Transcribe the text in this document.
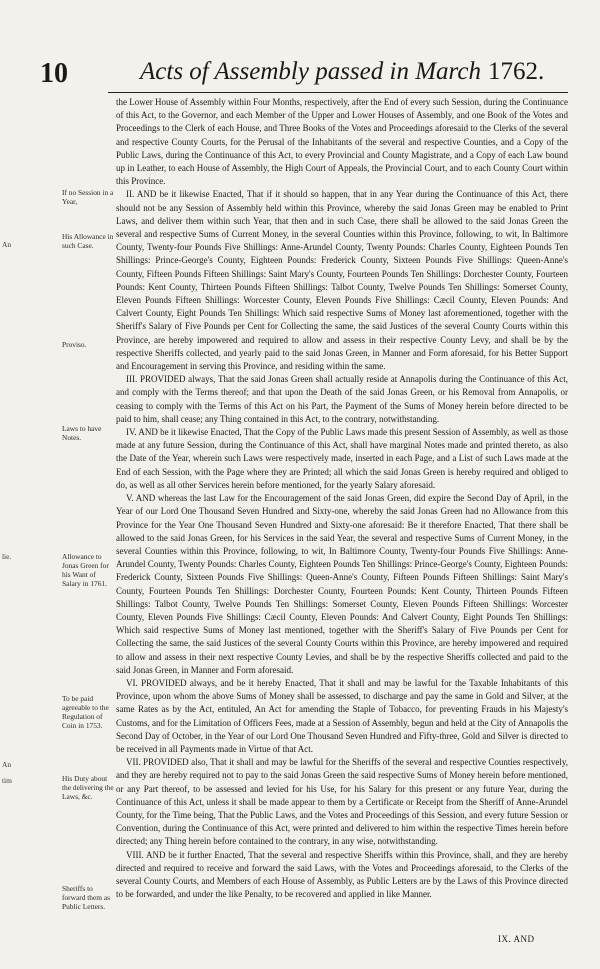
10	Acts of Assembly passed in March 1762.
An
lie.
An
tim
If no Session in a Year,
His Allowance in such Case.
Proviso.
Laws to have Notes.
Allowance to Jonas Green for his Want of Salary in 1761.
To be paid agreeable to the Regulation of Coin in 1753.
His Duty about the delivering the Laws, &c.
Sheriffs to forward them as Public Letters.

the Lower House of Assembly within Four Months, respectively, after the End of every such Session, during the Continuance of this Act, to the Governor, and each Member of the Upper and Lower Houses of Assembly, and one Book of the Votes and Proceedings to the Clerk of each House, and Three Books of the Votes and Proceedings aforesaid to the Clerks of the several and respective County Courts, for the Perusal of the Inhabitants of the several and respective Counties, and a Copy of the Public Laws, during the Continuance of this Act, to every Provincial and County Magistrate, and a Copy of each Law bound up in Leather, to each House of Assembly, the High Court of Appeals, the Provincial Court, and to each County Court within this Province.

II. AND be it likewise Enacted, That if it should so happen, that in any Year during the Continuance of this Act, there should not be any Session of Assembly held within this Province, whereby the said Jonas Green may be enabled to Print Laws, and deliver them within such Year, that then and in such Case, there shall be allowed to the said Jonas Green the several and respective Sums of Current Money, in the several Counties within this Province, following, to wit, In Baltimore County, Twenty-four Pounds Five Shillings: Anne-Arundel County, Twenty Pounds: Charles County, Eighteen Pounds Ten Shillings: Prince-George's County, Eighteen Pounds: Frederick County, Sixteen Pounds Five Shillings: Queen-Anne's County, Fifteen Pounds Fifteen Shillings: Saint Mary's County, Fourteen Pounds Ten Shillings: Dorchester County, Fourteen Pounds: Kent County, Thirteen Pounds Fifteen Shillings: Talbot County, Twelve Pounds Ten Shillings: Somerset County, Eleven Pounds Fifteen Shillings: Worcester County, Eleven Pounds Five Shillings: Cæcil County, Eleven Pounds: And Calvert County, Eight Pounds Ten Shillings: Which said respective Sums of Money last aforementioned, together with the Sheriff's Salary of Five Pounds per Cent for Collecting the same, the said Justices of the several County Courts within this Province, are hereby impowered and required to allow and assess in their respective County Levy, and shall be by the respective Sheriffs collected, and yearly paid to the said Jonas Green, in Manner and Form aforesaid, for his Better Support and Encouragement in serving this Province, and residing within the same.

III. PROVIDED always, That the said Jonas Green shall actually reside at Annapolis during the Continuance of this Act, and comply with the Terms thereof; and that upon the Death of the said Jonas Green, or his Removal from Annapolis, or ceasing to comply with the Terms of this Act on his Part, the Payment of the Sums of Money herein before directed to be paid to him, shall cease; any Thing contained in this Act, to the contrary, notwithstanding.

IV. AND be it likewise Enacted, That the Copy of the Public Laws made this present Session of Assembly, as well as those made at any future Session, during the Continuance of this Act, shall have marginal Notes made and printed thereto, as also the Date of the Year, wherein such Laws were respectively made, inserted in each Page, and a List of such Laws made at the End of each Session, with the Page where they are Printed; all which the said Jonas Green is hereby required and obliged to do, as well as all other Services herein before mentioned, for the yearly Salary aforesaid.

V. AND whereas the last Law for the Encouragement of the said Jonas Green, did expire the Second Day of April, in the Year of our Lord One Thousand Seven Hundred and Sixty-one, whereby the said Jonas Green had no Allowance from this Province for the Year One Thousand Seven Hundred and Sixty-one aforesaid: Be it therefore Enacted, That there shall be allowed to the said Jonas Green, for his Services in the said Year, the several and respective Sums of Current Money, in the several Counties within this Province, following, to wit, In Baltimore County, Twenty-four Pounds Five Shillings: Anne-Arundel County, Twenty Pounds: Charles County, Eighteen Pounds Ten Shillings: Prince-George's County, Eighteen Pounds: Frederick County, Sixteen Pounds Five Shillings: Queen-Anne's County, Fifteen Pounds Fifteen Shillings: Saint Mary's County, Fourteen Pounds Ten Shillings: Dorchester County, Fourteen Pounds: Kent County, Thirteen Pounds Fifteen Shillings: Talbot County, Twelve Pounds Ten Shillings: Somerset County, Eleven Pounds Fifteen Shillings: Worcester County, Eleven Pounds Five Shillings: Cæcil County, Eleven Pounds: And Calvert County, Eight Pounds Ten Shillings: Which said respective Sums of Money last mentioned, together with the Sheriff's Salary of Five Pounds per Cent for Collecting the same, the said Justices of the several County Courts within this Province, are hereby impowered and required to allow and assess in their next respective County Levies, and shall be by the respective Sheriffs collected and paid to the said Jonas Green, in Manner and Form aforesaid.

VI. PROVIDED always, and be it hereby Enacted, That it shall and may be lawful for the Taxable Inhabitants of this Province, upon whom the above Sums of Money shall be assessed, to discharge and pay the same in Gold and Silver, at the same Rates as by the Act, entituled, An Act for amending the Staple of Tobacco, for preventing Frauds in his Majesty's Customs, and for the Limitation of Officers Fees, made at a Session of Assembly, begun and held at the City of Annapolis the Second Day of October, in the Year of our Lord One Thousand Seven Hundred and Fifty-three, Gold and Silver is directed to be received in all Payments made in Virtue of that Act.

VII. PROVIDED also, That it shall and may be lawful for the Sheriffs of the several and respective Counties respectively, and they are hereby required not to pay to the said Jonas Green the said respective Sums of Money herein before mentioned, or any Part thereof, to be assessed and levied for his Use, for his Salary for this present or any future Year, during the Continuance of this Act, unless it shall be made appear to them by a Certificate or Receipt from the Sheriff of Anne-Arundel County, for the Time being, That the Public Laws, and the Votes and Proceedings of this Session, and every future Session or Convention, during the Continuance of this Act, were printed and delivered to him within the respective Times herein before directed; any Thing herein before contained to the contrary, in any wise, notwithstanding.

VIII. AND be it further Enacted, That the several and respective Sheriffs within this Province, shall, and they are hereby directed and required to receive and forward the said Laws, with the Votes and Proceedings aforesaid, to the Clerks of the several County Courts, and Members of each House of Assembly, as Public Letters are by the Laws of this Province directed to be forwarded, and under the like Penalty, to be recovered and applied in like Manner.

IX. AND
